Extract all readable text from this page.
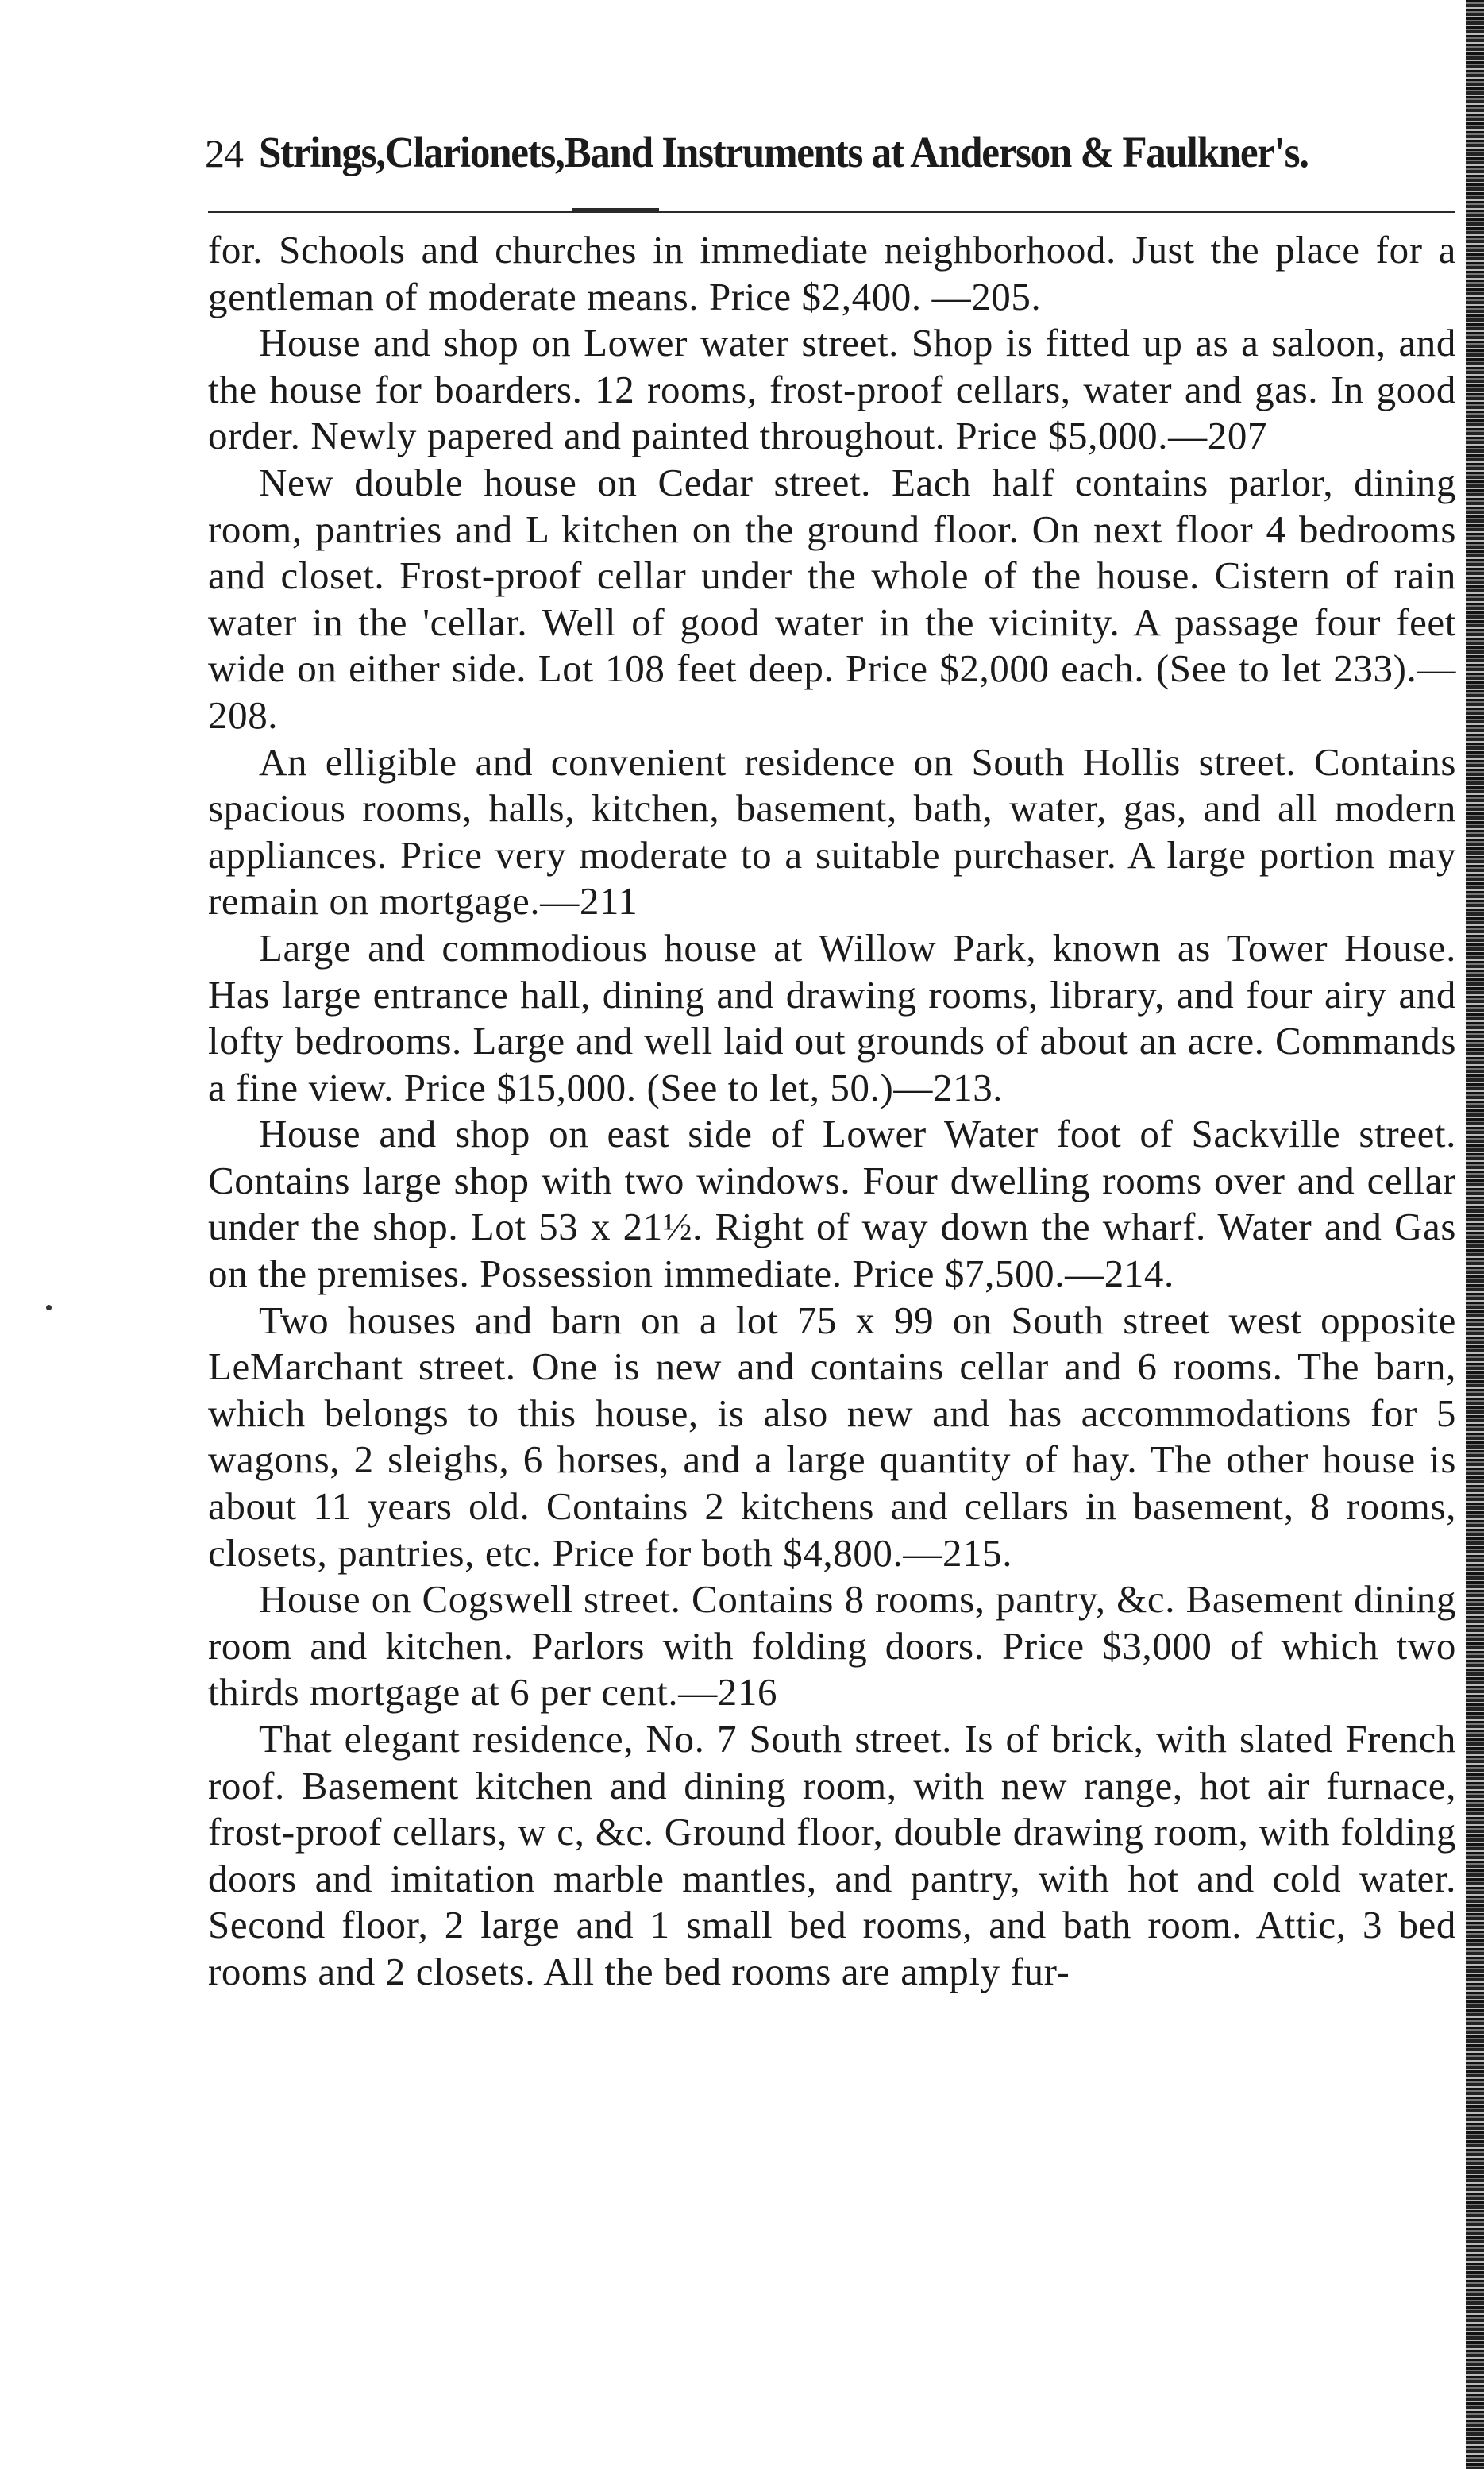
24 Strings,Clarionets,Band Instruments at Anderson & Faulkner's.

for. Schools and churches in immediate neighborhood. Just the place for a gentleman of moderate means. Price $2,400. —205.

House and shop on Lower water street. Shop is fitted up as a saloon, and the house for boarders. 12 rooms, frost-proof cellars, water and gas. In good order. Newly papered and painted throughout. Price $5,000.—207

New double house on Cedar street. Each half contains parlor, dining room, pantries and L kitchen on the ground floor. On next floor 4 bedrooms and closet. Frost-proof cellar under the whole of the house. Cistern of rain water in the 'cellar. Well of good water in the vicinity. A passage four feet wide on either side. Lot 108 feet deep. Price $2,000 each. (See to let 233).—208.

An elligible and convenient residence on South Hollis street. Contains spacious rooms, halls, kitchen, basement, bath, water, gas, and all modern appliances. Price very moderate to a suitable purchaser. A large portion may remain on mortgage.—211

Large and commodious house at Willow Park, known as Tower House. Has large entrance hall, dining and drawing rooms, library, and four airy and lofty bedrooms. Large and well laid out grounds of about an acre. Commands a fine view. Price $15,000. (See to let, 50.)—213.

House and shop on east side of Lower Water foot of Sackville street. Contains large shop with two windows. Four dwelling rooms over and cellar under the shop. Lot 53 x 21½. Right of way down the wharf. Water and Gas on the premises. Possession immediate. Price $7,500.—214.

Two houses and barn on a lot 75 x 99 on South street west opposite LeMarchant street. One is new and contains cellar and 6 rooms. The barn, which belongs to this house, is also new and has accommodations for 5 wagons, 2 sleighs, 6 horses, and a large quantity of hay. The other house is about 11 years old. Contains 2 kitchens and cellars in basement, 8 rooms, closets, pantries, etc. Price for both $4,800.—215.

House on Cogswell street. Contains 8 rooms, pantry, &c. Basement dining room and kitchen. Parlors with folding doors. Price $3,000 of which two thirds mortgage at 6 per cent.—216

That elegant residence, No. 7 South street. Is of brick, with slated French roof. Basement kitchen and dining room, with new range, hot air furnace, frost-proof cellars, w c, &c. Ground floor, double drawing room, with folding doors and imitation marble mantles, and pantry, with hot and cold water. Second floor, 2 large and 1 small bed rooms, and bath room. Attic, 3 bed rooms and 2 closets. All the bed rooms are amply fur-
